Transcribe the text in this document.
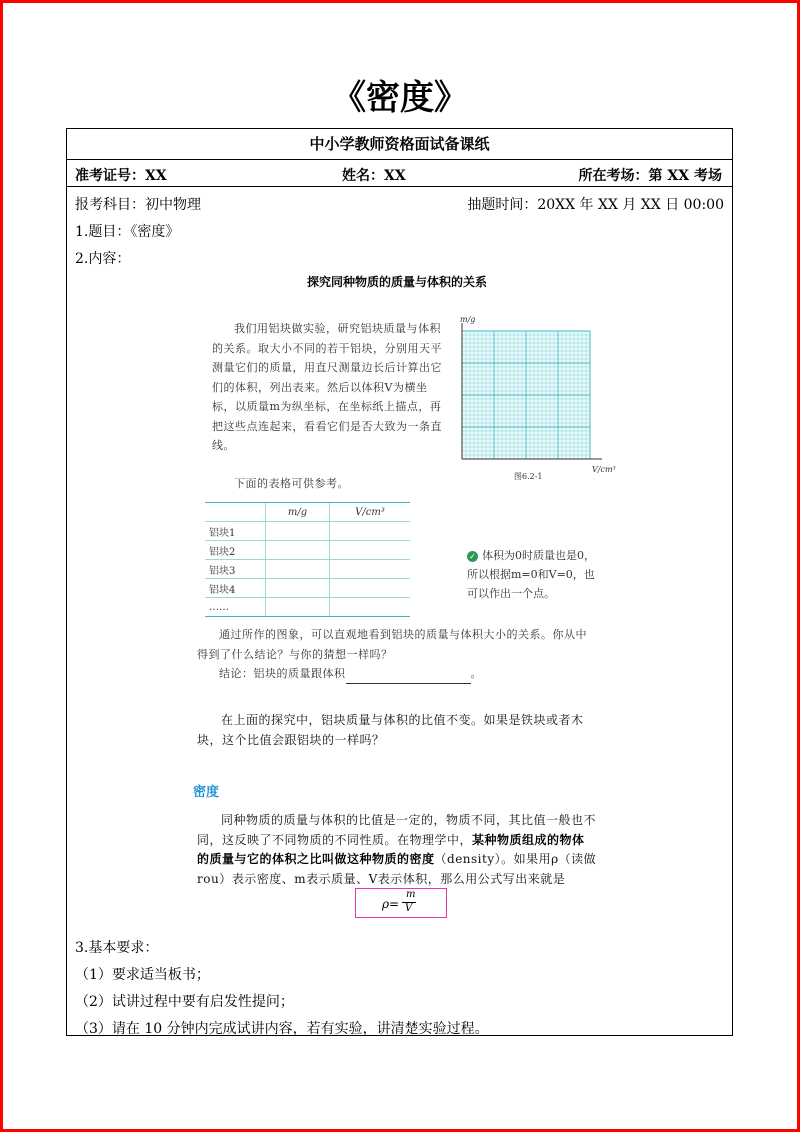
《密度》
中小学教师资格面试备课纸
准考证号：XX	姓名：XX	所在考场：第 XX 考场
报考科目：初中物理	抽题时间：20XX 年 XX 月 XX 日 00:00
1.题目：《密度》
2.内容：
探究同种物质的质量与体积的关系
我们用铝块做实验，研究铝块质量与体积的关系。取大小不同的若干铝块，分别用天平测量它们的质量，用直尺测量边长后计算出它们的体积，列出表来。然后以体积V为横坐标，以质量m为纵坐标，在坐标纸上描点，再把这些点连起来，看看它们是否大致为一条直线。
下面的表格可供参考。
m/g
V/cm³
图6.2-1
	m/g	V/cm³
铝块1		
铝块2		
铝块3		
铝块4		
……		
✓ 体积为0时质量也是0，所以根据m=0和V=0，也可以作出一个点。
通过所作的图象，可以直观地看到铝块的质量与体积大小的关系。你从中得到了什么结论？与你的猜想一样吗？
结论：铝块的质量跟体积	。
在上面的探究中，铝块质量与体积的比值不变。如果是铁块或者木块，这个比值会跟铝块的一样吗？
密度
同种物质的质量与体积的比值是一定的，物质不同，其比值一般也不同，这反映了不同物质的不同性质。在物理学中，某种物质组成的物体的质量与它的体积之比叫做这种物质的密度（density）。如果用ρ（读做rou）表示密度、m表示质量、V表示体积，那么用公式写出来就是
ρ=
m
V
3.基本要求：
（1）要求适当板书；
（2）试讲过程中要有启发性提问；
（3）请在 10 分钟内完成试讲内容，若有实验，讲清楚实验过程。
